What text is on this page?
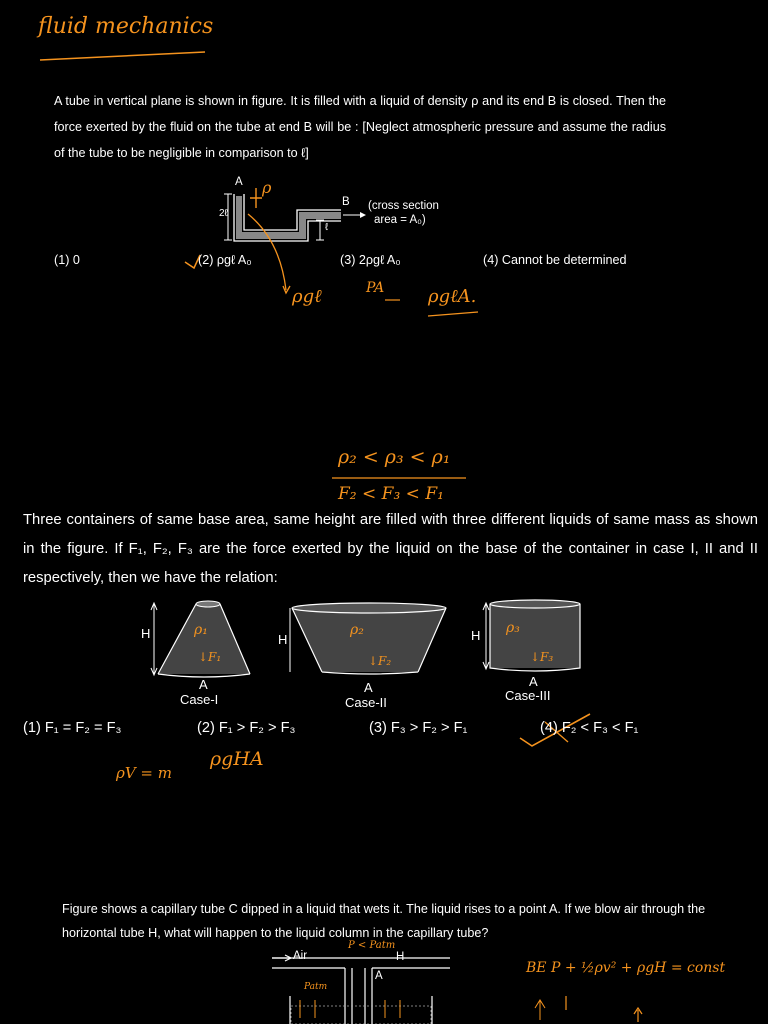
fluid mechanics
A tube in vertical plane is shown in figure. It is filled with a liquid of density ρ and its end B is closed. Then the force exerted by the fluid on the tube at end B will be : [Neglect atmospheric pressure and assume the radius of the tube to be negligible in comparison to ℓ]
A
2ℓ
ℓ
B (cross section
area = A₀)
ρ
(1) 0	(2) ρgℓ A₀	(3) 2ρgℓ A₀	(4) Cannot be determined
ρgℓ	PA ρgℓA.
ρ₂ < ρ₃ < ρ₁
F₂ < F₃ < F₁
Three containers of same base area, same height are filled with three different liquids of same mass as shown in the figure. If F₁, F₂, F₃ are the force exerted by the liquid on the base of the container in case I, II and II respectively, then we have the relation:
H	ρ₁
↓F₁
A
Case-I
H
ρ₂
↓F₂
A
Case-II
H ρ₃
↓F₃
A
Case-III
(1) F₁ = F₂ = F₃	(2) F₁ > F₂ > F₃	(3) F₃ > F₂ > F₁	(4) F₂ < F₃ < F₁
ρV = m
ρgHA
Figure shows a capillary tube C dipped in a liquid that wets it. The liquid rises to a point A. If we blow air through the horizontal tube H, what will happen to the liquid column in the capillary tube?
Air	H
A
P < Patm
Patm
BE P + ½ρv² + ρgH = const
